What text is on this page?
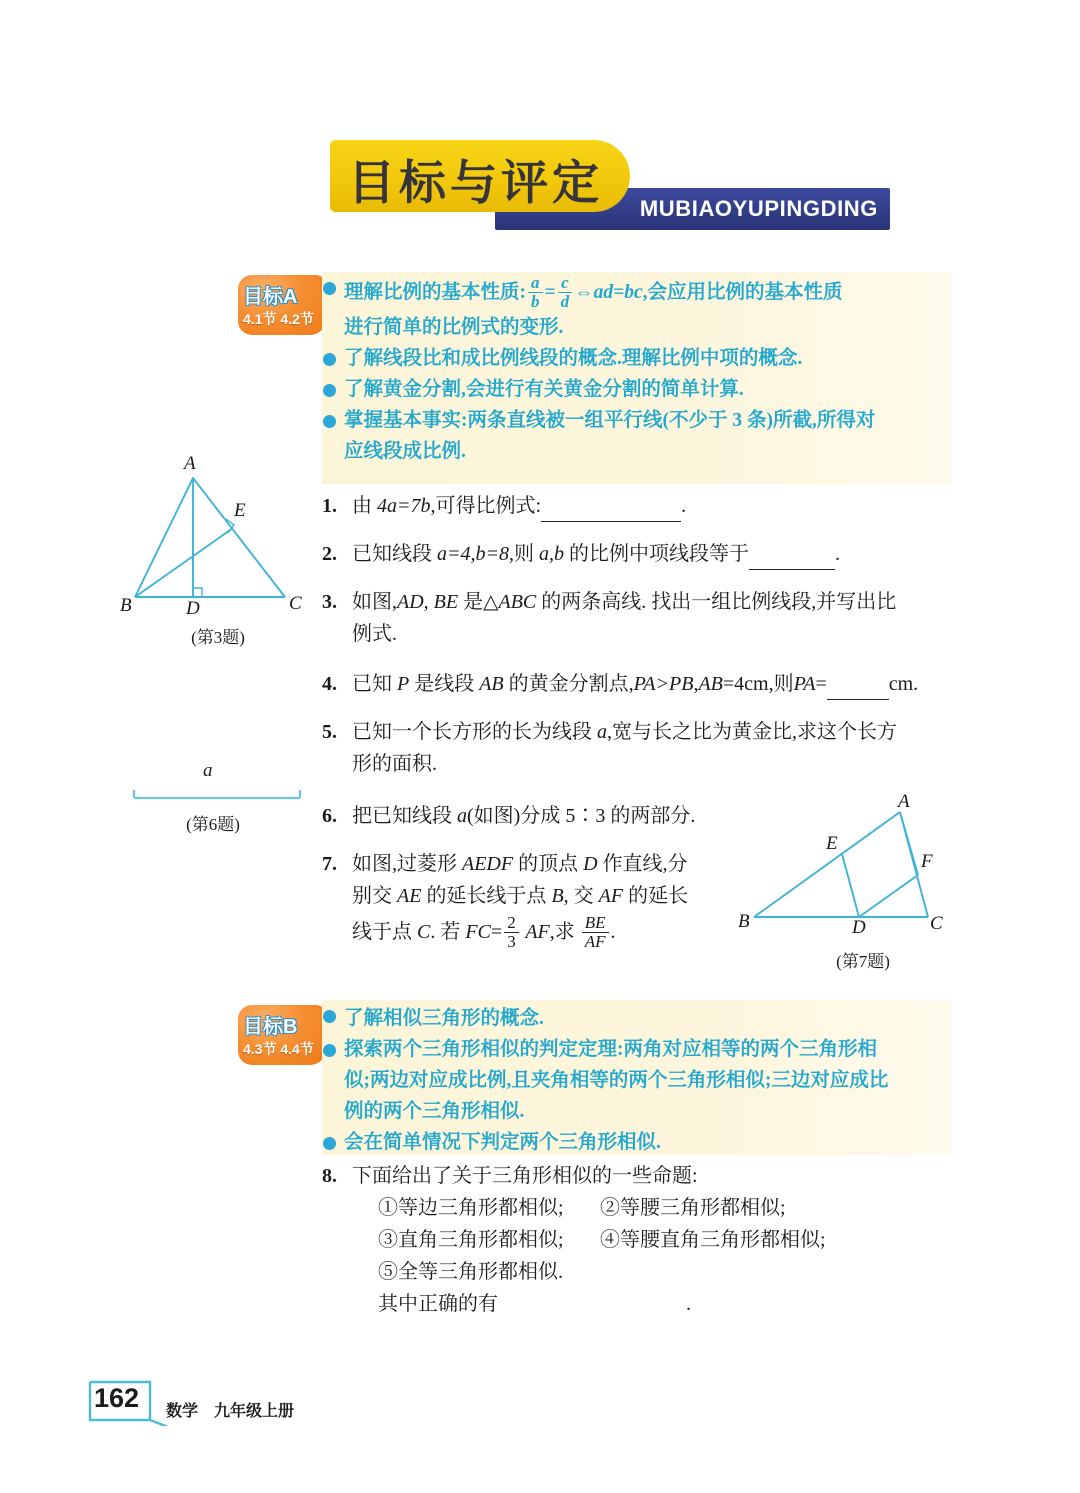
MUBIAOYUPINGDING
目标与评定
目标A
4.1节 4.2节
理解比例的基本性质: $\frac{a}{b} = \frac{c}{d}$ ⇔ad=bc,会应用比例的基本性质
进行简单的比例式的变形.
了解线段比和成比例线段的概念.理解比例中项的概念.
了解黄金分割,会进行有关黄金分割的简单计算.
掌握基本事实:两条直线被一组平行线(不少于 3 条)所截,所得对
应线段成比例.
A
B	C
D
E
(第3题)
a
(第6题)
A
B	C
D
E
F
(第7题)
1. 由 4a=7b,可得比例式:	.
2. 已知线段 a=4,b=8,则 a,b 的比例中项线段等于	.
3. 如图,AD, BE 是△ABC 的两条高线. 找出一组比例线段,并写出比
例式.
4. 已知 P 是线段 AB 的黄金分割点,PA>PB,AB=4cm,则PA=	cm.
5. 已知一个长方形的长为线段 a,宽与长之比为黄金比,求这个长方
形的面积.
6. 把已知线段 a(如图)分成 5∶3 的两部分.
7. 如图,过菱形 AEDF 的顶点 D 作直线,分
别交 AE 的延长线于点 B, 交 AF 的延长
线于点 C. 若 $FC= \frac{2}{3}$ AF,求 $\frac{BE}{AF}$ .
目标B
4.3节 4.4节
了解相似三角形的概念.
探索两个三角形相似的判定定理:两角对应相等的两个三角形相
似;两边对应成比例,且夹角相等的两个三角形相似;三边对应成比
例的两个三角形相似.
会在简单情况下判定两个三角形相似.
8. 下面给出了关于三角形相似的一些命题:
①等边三角形都相似; ②等腰三角形都相似;
③直角三角形都相似; ④等腰直角三角形都相似;
⑤全等三角形都相似.
其中正确的有	.
162 数学　九年级上册
